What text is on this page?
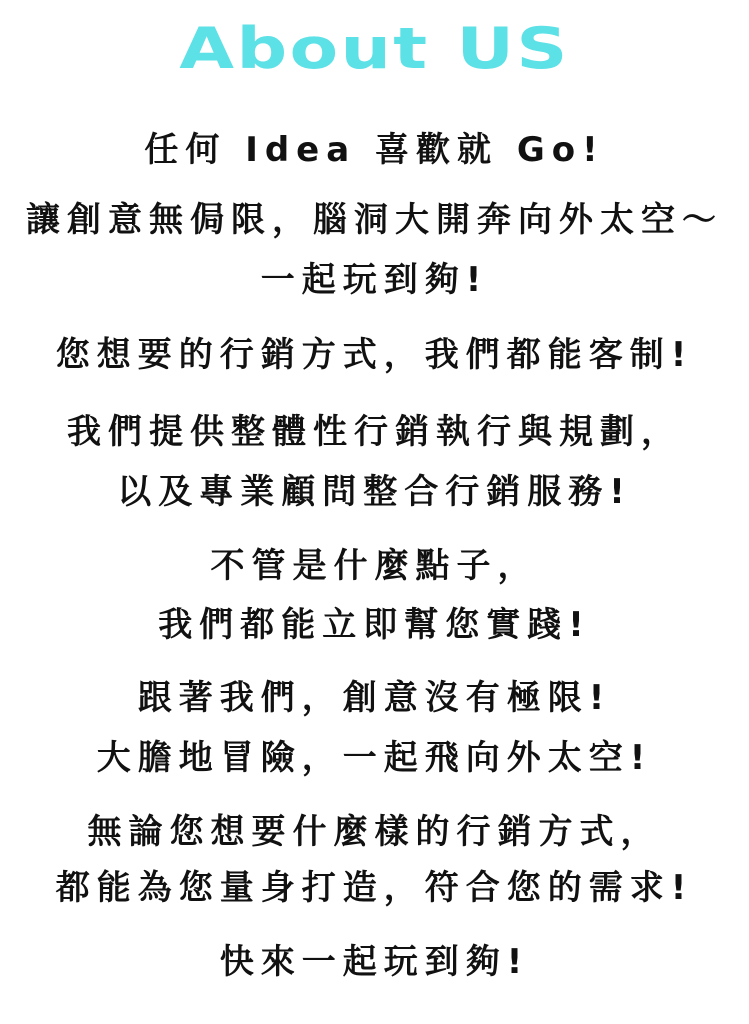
About US
任何 Idea 喜歡就 Go!
讓創意無侷限，腦洞大開奔向外太空～
一起玩到夠!
您想要的行銷方式，我們都能客制!
我們提供整體性行銷執行與規劃，
以及專業顧問整合行銷服務!
不管是什麼點子，
我們都能立即幫您實踐!
跟著我們，創意沒有極限!
大膽地冒險，一起飛向外太空!
無論您想要什麼樣的行銷方式，
都能為您量身打造，符合您的需求!
快來一起玩到夠!
